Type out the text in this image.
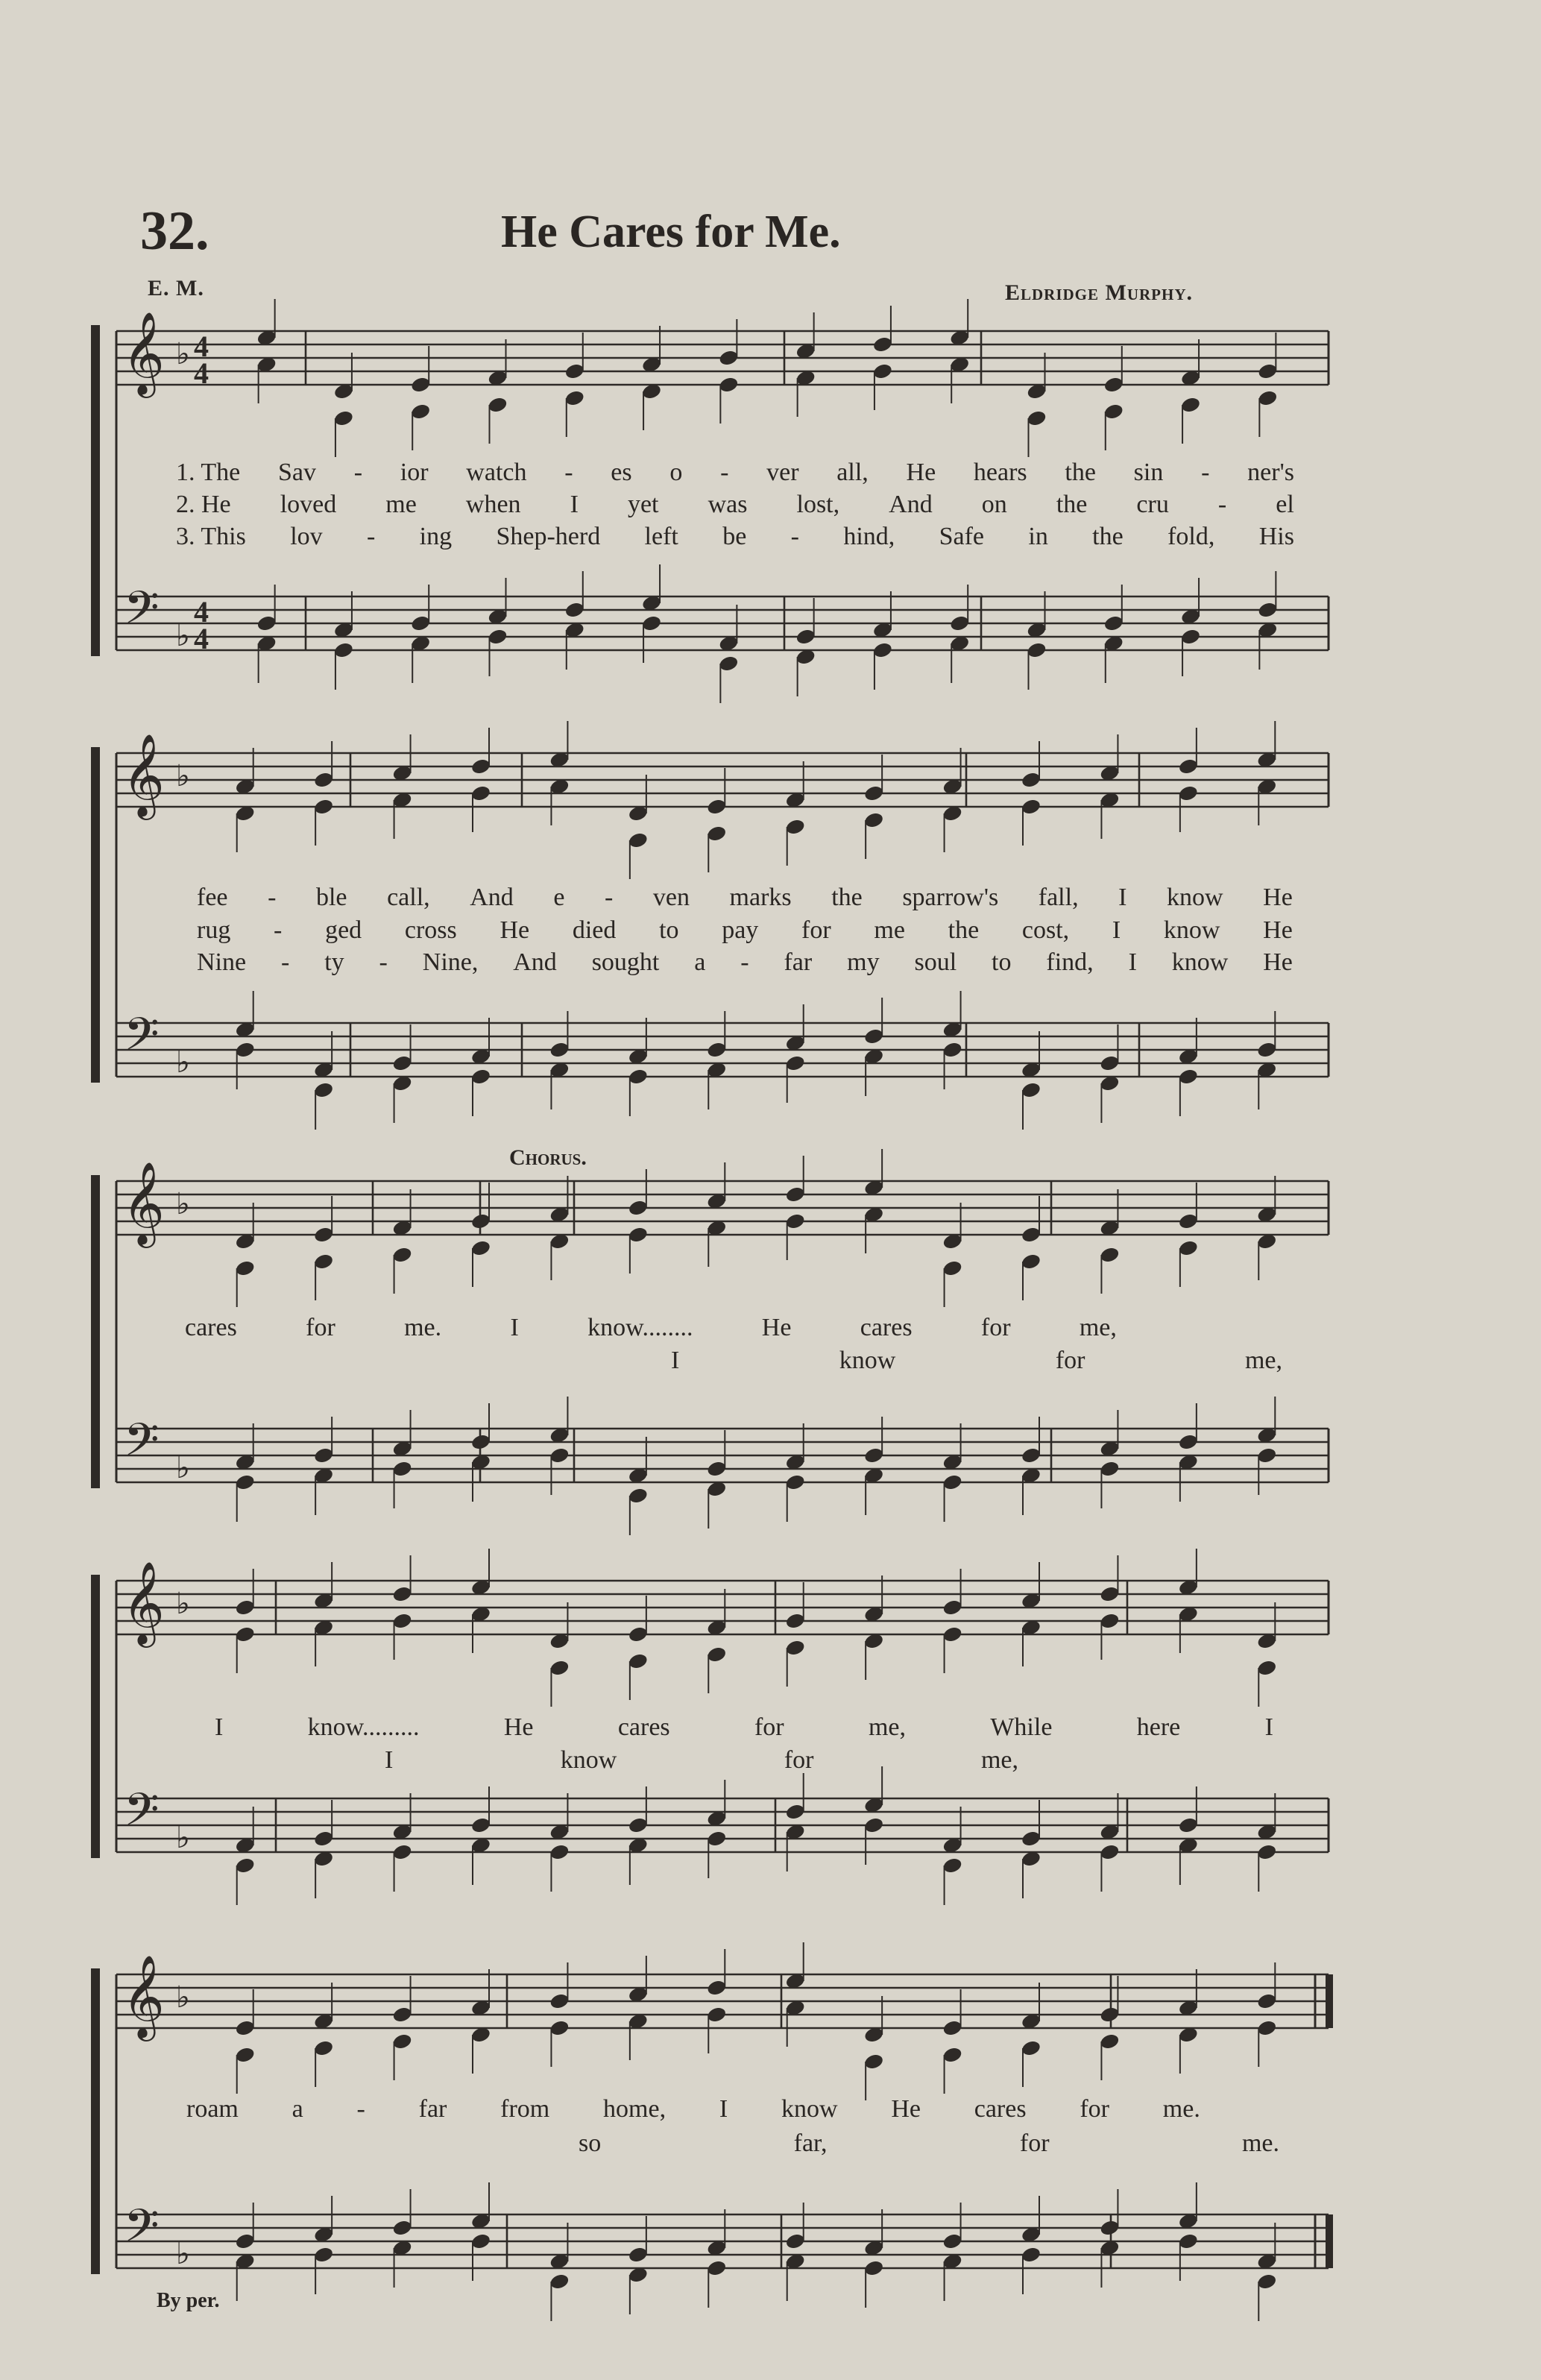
32.	He Cares for Me.
E. M.	Eldridge Murphy.
𝄞
𝄢
♭
♭
4
4
4
4
𝄞
𝄢
♭
♭
𝄞
𝄢
♭
♭
𝄞
𝄢
♭
♭
𝄞
𝄢
♭
♭
1. The Sav - ior watch - es o - ver all, He hears the sin - ner's
2. He loved me when I yet was lost, And on the cru - el
3. This lov - ing Shep-herd left be - hind, Safe in the fold, His
fee - ble call, And e - ven marks the sparrow's fall, I know He
rug - ged cross He died to pay for me the cost, I know He
Nine - ty - Nine, And sought a - far my soul to find, I know He
Chorus.
cares	for	me.	I	know........	He	cares	for	me,
I	know	for	me,
I	know.........	He	cares	for	me,	While	here	I
I	know	for	me,
roam a - far from home, I know He cares for me.
so	far,	for	me.
By per.
